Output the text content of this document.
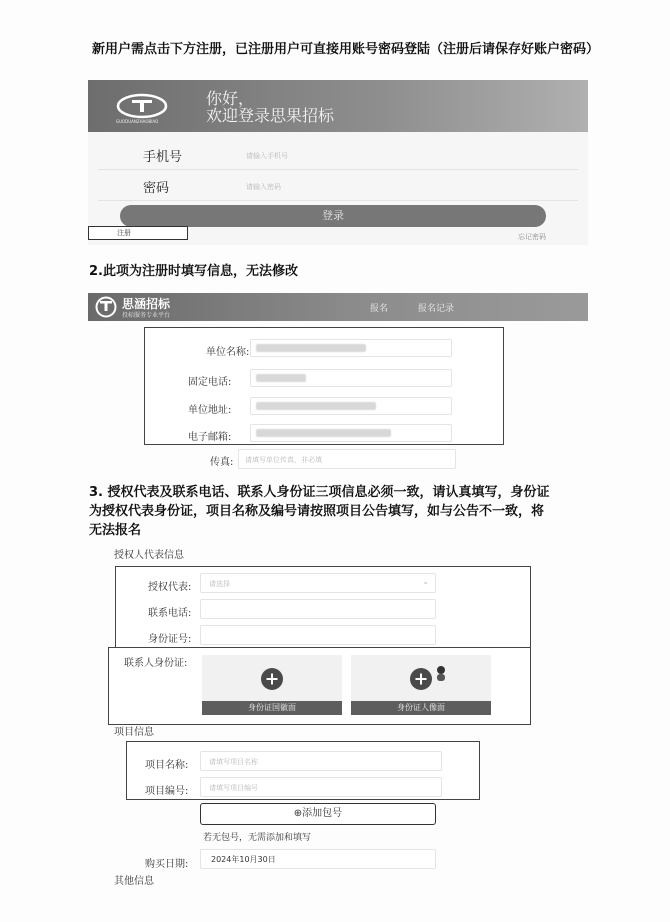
新用户需点击下方注册，已注册用户可直接用账号密码登陆（注册后请保存好账户密码）
GUODUANZHAOBIAO
你好，
欢迎登录思果招标
手机号	请输入手机号
密码	请输入密码
登录
注册	忘记密码
2.此项为注册时填写信息，无法修改
思涵招标
投标服务专业平台
报名	报名记录
单位名称:
固定电话:
单位地址:
电子邮箱:
传真: 请填写单位传真，非必填
3. 授权代表及联系电话、联系人身份证三项信息必须一致，请认真填写，身份证
为授权代表身份证，项目名称及编号请按照项目公告填写，如与公告不一致，将
无法报名
授权人代表信息
授权代表:	请选择	⌄
联系电话:
身份证号:
联系人身份证:
身份证国徽面	身份证人像面
项目信息
项目名称:	请填写项目名称
项目编号:	请填写项目编号
⊕添加包号
若无包号，无需添加和填写
购买日期:	2024年10月30日
其他信息
